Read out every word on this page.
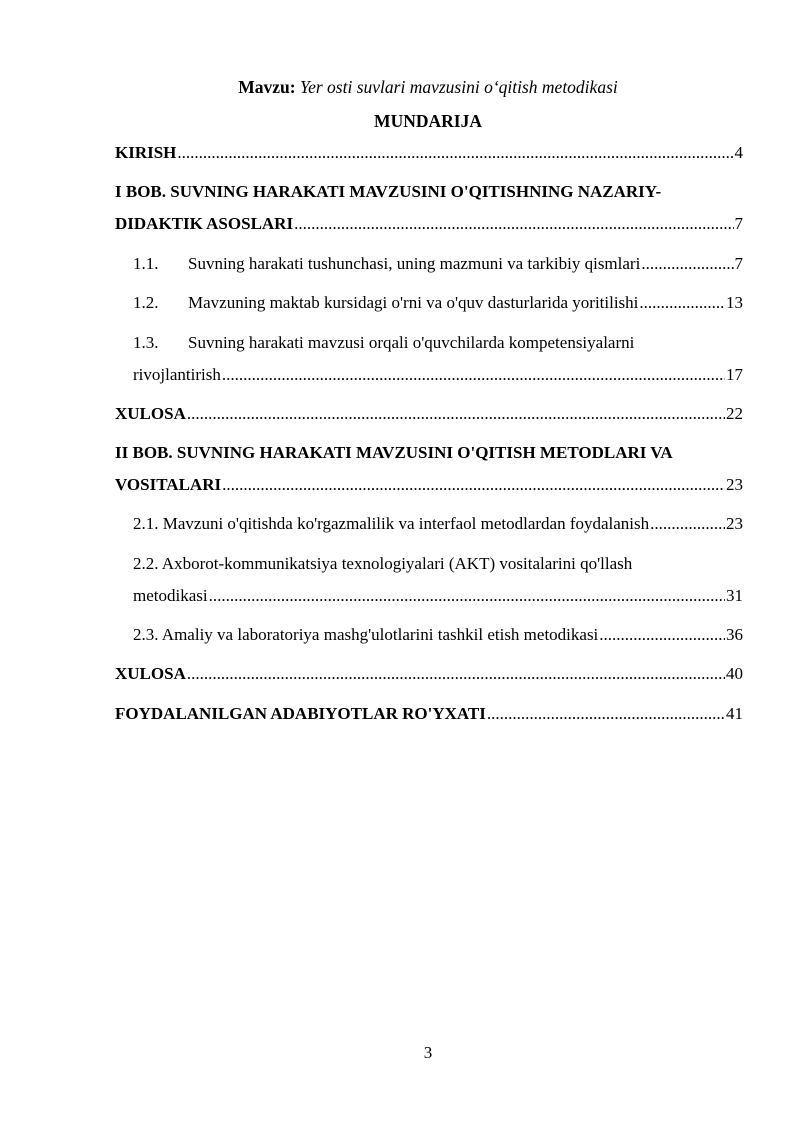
Mavzu: Yer osti suvlari mavzusini o‘qitish metodikasi
MUNDARIJA
KIRISH .....	4
I BOB. SUVNING HARAKATI MAVZUSINI O'QITISHNING NAZARIY-
DIDAKTIK ASOSLARI .....	7
1.1.	Suvning harakati tushunchasi, uning mazmuni va tarkibiy qismlari .....	7
1.2.	Mavzuning maktab kursidagi o'rni va o'quv dasturlarida yoritilishi .....	13
1.3. Suvning harakati mavzusi orqali o'quvchilarda kompetensiyalarni
rivojlantirish .....	17
XULOSA .....	22
II BOB. SUVNING HARAKATI MAVZUSINI O'QITISH METODLARI VA
VOSITALARI .....	23
2.1. Mavzuni o'qitishda ko'rgazmalilik va interfaol metodlardan foydalanish .....	23
2.2. Axborot-kommunikatsiya texnologiyalari (AKT) vositalarini qo'llash
metodikasi .....	31
2.3. Amaliy va laboratoriya mashg'ulotlarini tashkil etish metodikasi .....	36
XULOSA .....	40
FOYDALANILGAN ADABIYOTLAR RO'YXATI .....	41
3
